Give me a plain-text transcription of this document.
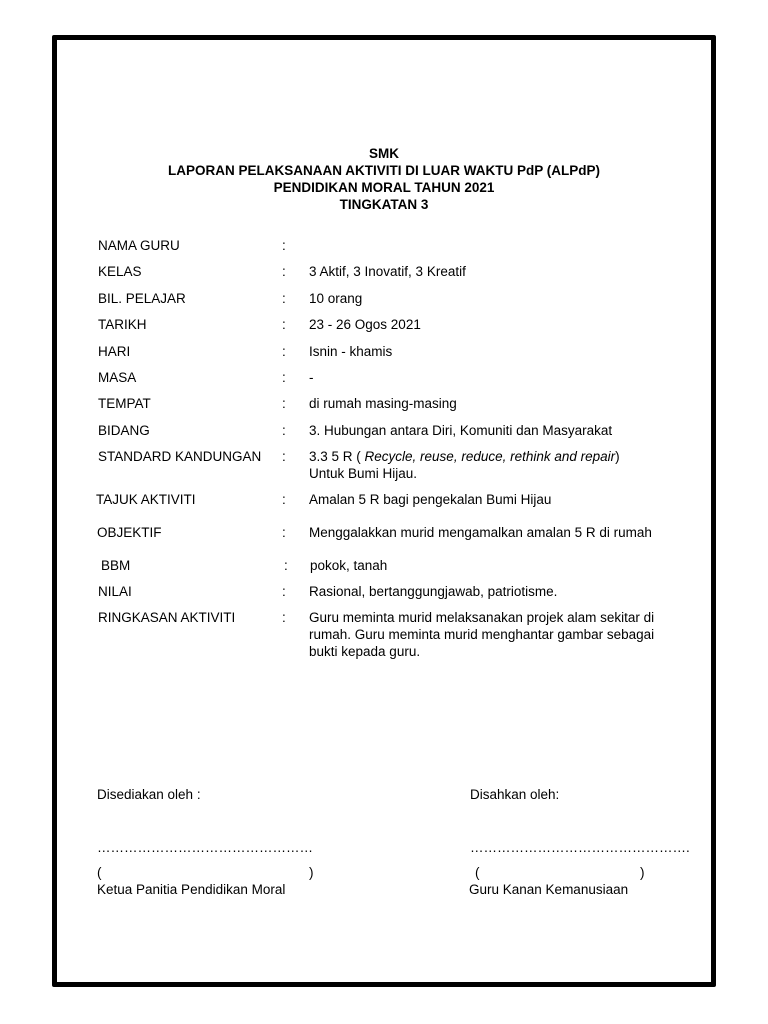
SMK
LAPORAN PELAKSANAAN AKTIVITI DI LUAR WAKTU PdP (ALPdP)
PENDIDIKAN MORAL TAHUN 2021
TINGKATAN 3
NAMA GURU	:
KELAS	: 3 Aktif, 3 Inovatif, 3 Kreatif
BIL. PELAJAR	: 10 orang
TARIKH	: 23 - 26 Ogos 2021
HARI	: Isnin - khamis
MASA	: -
TEMPAT	: di rumah masing-masing
BIDANG	: 3. Hubungan antara Diri, Komuniti dan Masyarakat
STANDARD KANDUNGAN : 3.3 5 R ( Recycle, reuse, reduce, rethink and repair)
Untuk Bumi Hijau.
TAJUK AKTIVITI	: Amalan 5 R bagi pengekalan Bumi Hijau
OBJEKTIF	: Menggalakkan murid mengamalkan amalan 5 R di rumah
BBM	: pokok, tanah
NILAI	: Rasional, bertanggungjawab, patriotisme.
RINGKASAN AKTIVITI	: Guru meminta murid melaksanakan projek alam sekitar di
rumah. Guru meminta murid menghantar gambar sebagai
bukti kepada guru.
Disediakan oleh :
…………………………………………
(	)
Ketua Panitia Pendidikan Moral
Disahkan oleh:
………………………………………….
(	)
Guru Kanan Kemanusiaan
